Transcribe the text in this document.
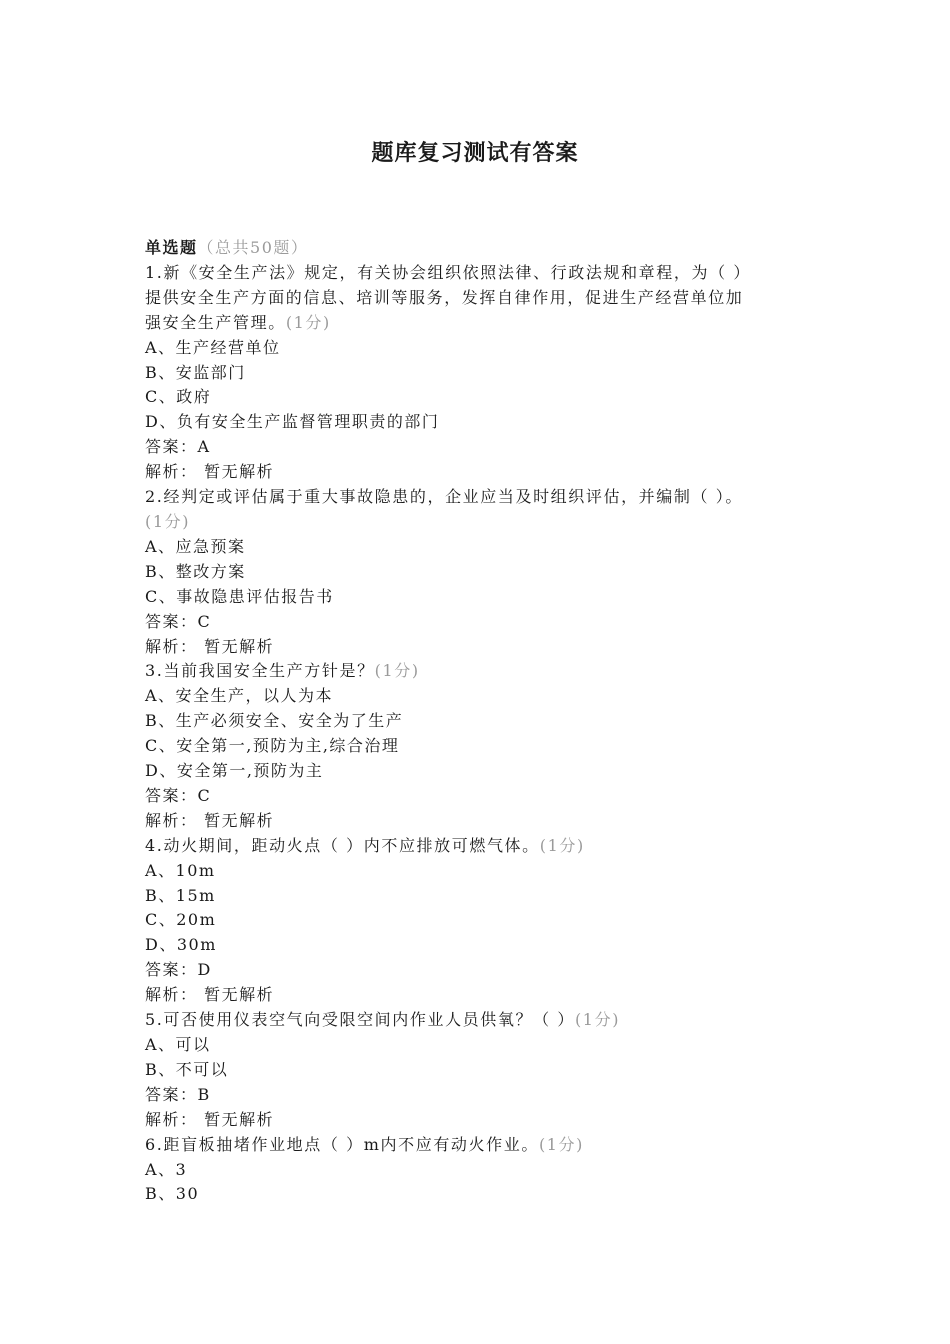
题库复习测试有答案
单选题（总共50题）
1.新《安全生产法》规定，有关协会组织依照法律、行政法规和章程，为（ ）
提供安全生产方面的信息、培训等服务，发挥自律作用，促进生产经营单位加
强安全生产管理。(1分)
A、生产经营单位
B、安监部门
C、政府
D、负有安全生产监督管理职责的部门
答案：A
解析： 暂无解析
2.经判定或评估属于重大事故隐患的，企业应当及时组织评估，并编制（ ）。
(1分)
A、应急预案
B、整改方案
C、事故隐患评估报告书
答案：C
解析： 暂无解析
3.当前我国安全生产方针是？(1分)
A、安全生产，以人为本
B、生产必须安全、安全为了生产
C、安全第一,预防为主,综合治理
D、安全第一,预防为主
答案：C
解析： 暂无解析
4.动火期间，距动火点（ ）内不应排放可燃气体。(1分)
A、10m
B、15m
C、20m
D、30m
答案：D
解析： 暂无解析
5.可否使用仪表空气向受限空间内作业人员供氧？（ ）(1分)
A、可以
B、不可以
答案：B
解析： 暂无解析
6.距盲板抽堵作业地点（ ）m内不应有动火作业。(1分)
A、3
B、30
